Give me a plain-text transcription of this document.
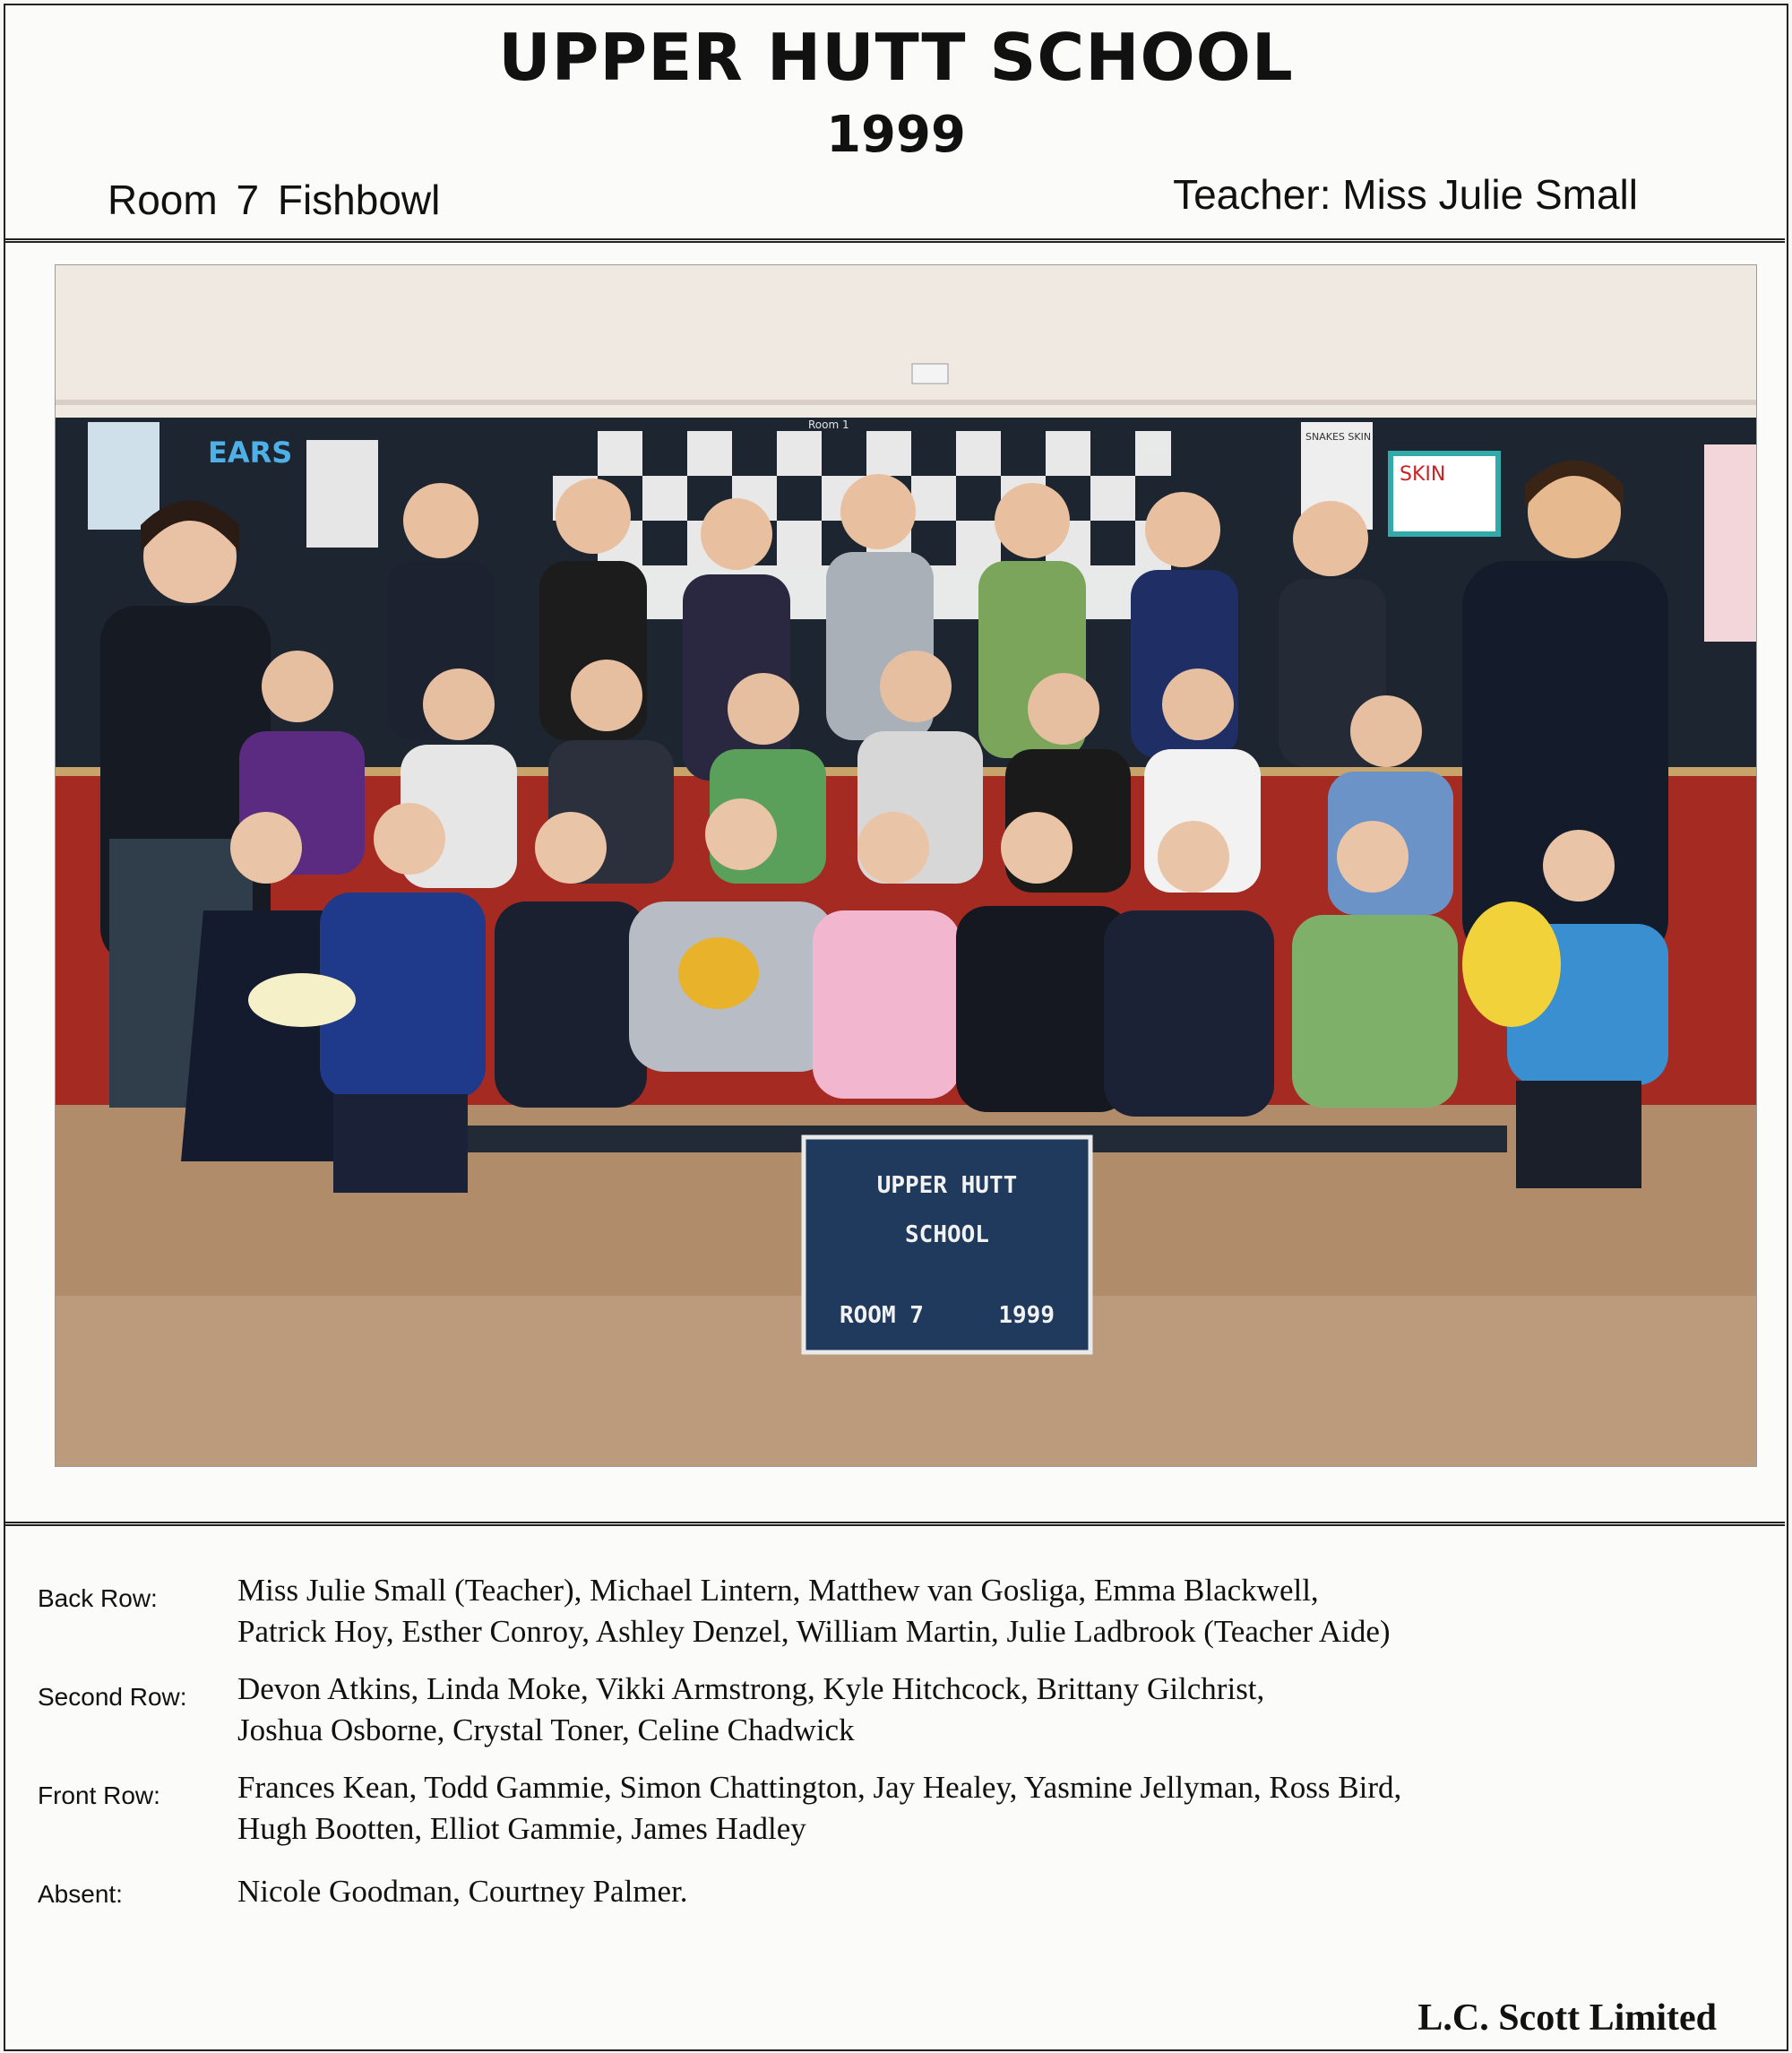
UPPER HUTT SCHOOL
1999
Room 7 Fishbowl	Teacher: Miss Julie Small
EARS	SNAKES SKIN
SKIN
Room 1
UPPER HUTT
SCHOOL
ROOM 7	1999
Back Row:	Miss Julie Small (Teacher), Michael Lintern, Matthew van Gosliga, Emma Blackwell,
Patrick Hoy, Esther Conroy, Ashley Denzel, William Martin, Julie Ladbrook (Teacher Aide)
Second Row: Devon Atkins, Linda Moke, Vikki Armstrong, Kyle Hitchcock, Brittany Gilchrist,
Joshua Osborne, Crystal Toner, Celine Chadwick
Front Row: Frances Kean, Todd Gammie, Simon Chattington, Jay Healey, Yasmine Jellyman, Ross Bird,
Hugh Bootten, Elliot Gammie, James Hadley
Absent:	Nicole Goodman, Courtney Palmer.
L.C. Scott Limited
